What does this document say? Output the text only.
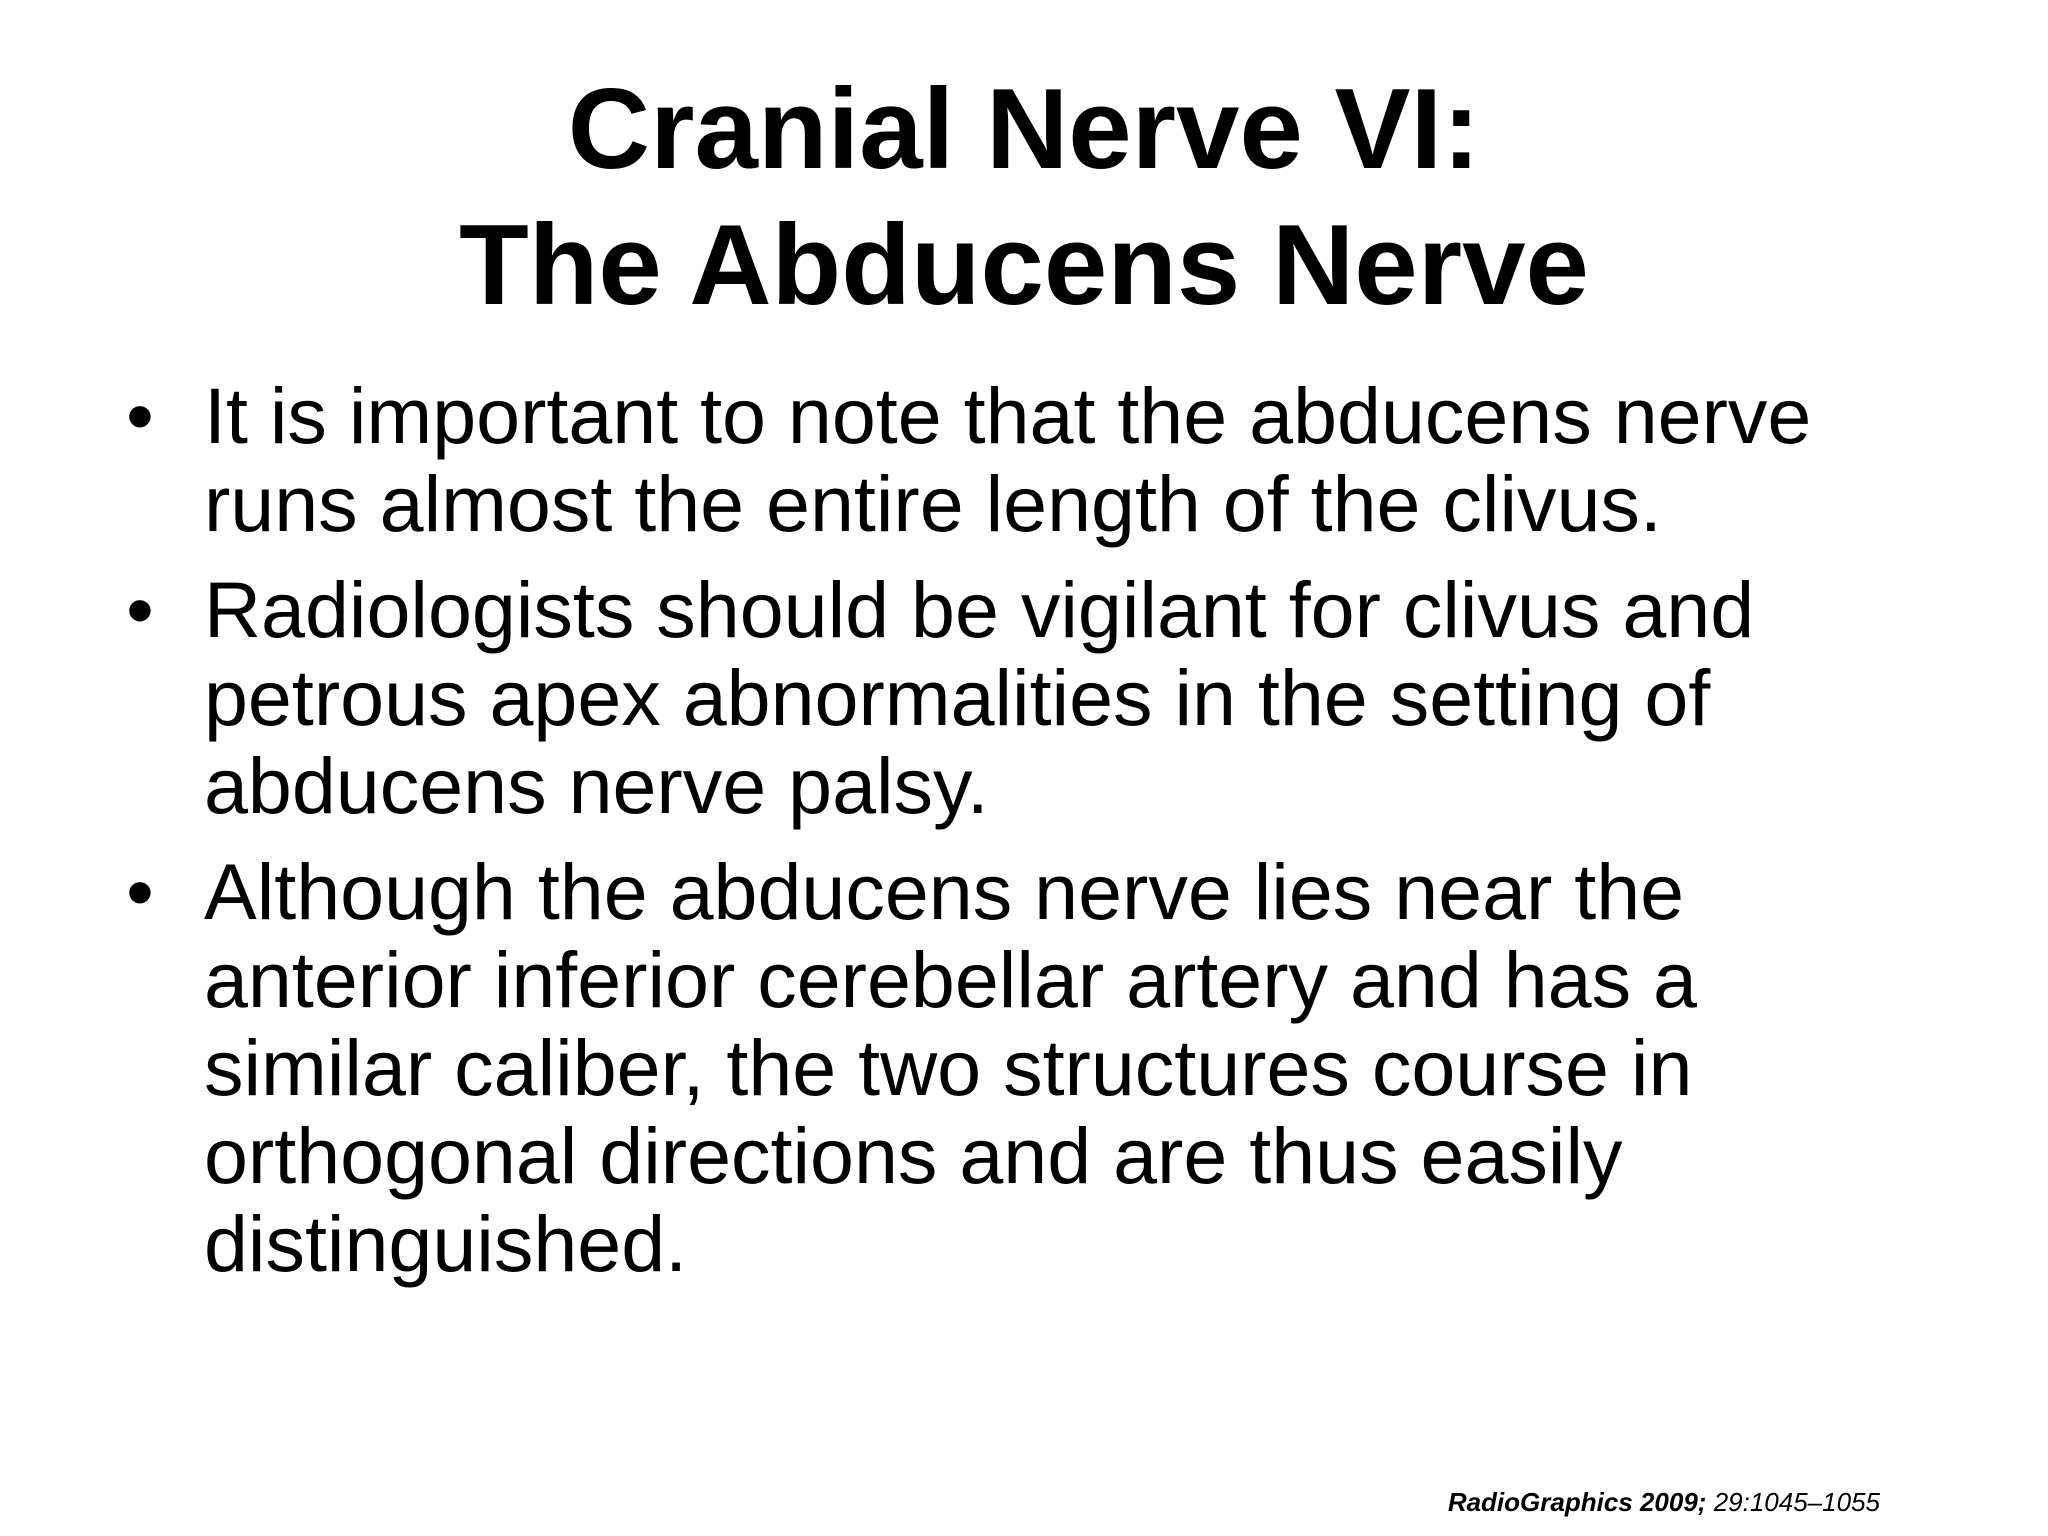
Cranial Nerve VI:
The Abducens Nerve
• It is important to note that the abducens nerve runs almost the entire length of the clivus.
• Radiologists should be vigilant for clivus and petrous apex abnormalities in the setting of abducens nerve palsy.
• Although the abducens nerve lies near the anterior inferior cerebellar artery and has a similar caliber, the two structures course in orthogonal directions and are thus easily distinguished.
RadioGraphics 2009; 29:1045–1055
